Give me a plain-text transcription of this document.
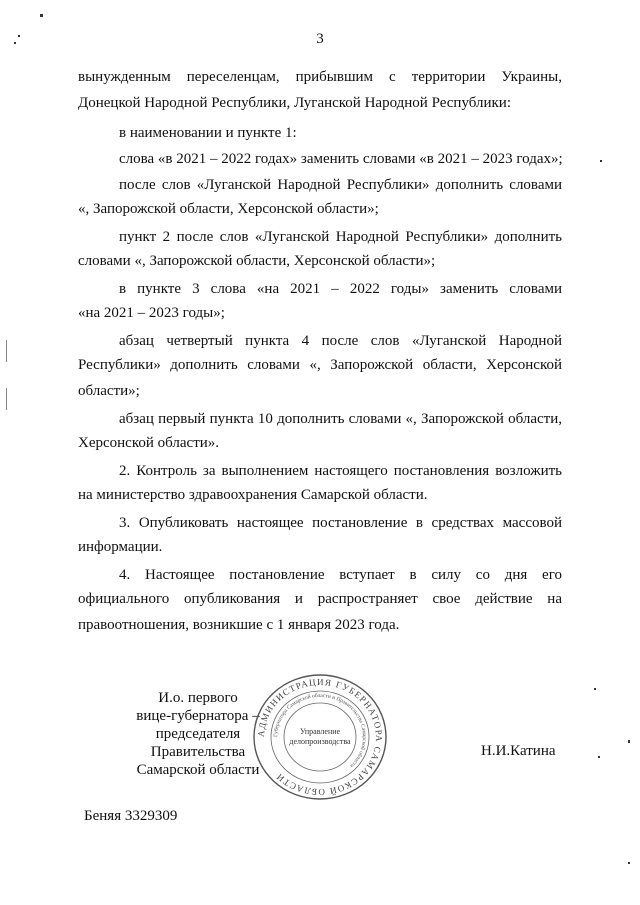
3
вынужденным переселенцам, прибывшим с территории Украины,
Донецкой Народной Республики, Луганской Народной Республики:
в наименовании и пункте 1:
слова «в 2021 – 2022 годах» заменить словами «в 2021 – 2023 годах»;
после слов «Луганской Народной Республики» дополнить словами
«, Запорожской области, Херсонской области»;
пункт 2 после слов «Луганской Народной Республики» дополнить
словами «, Запорожской области, Херсонской области»;
в пункте 3 слова «на 2021 – 2022 годы» заменить словами
«на 2021 – 2023 годы»;
абзац четвертый пункта 4 после слов «Луганской Народной
Республики» дополнить словами «, Запорожской области, Херсонской
области»;
абзац первый пункта 10 дополнить словами «, Запорожской области,
Херсонской области».
2. Контроль за выполнением настоящего постановления возложить
на министерство здравоохранения Самарской области.
3. Опубликовать настоящее постановление в средствах массовой
информации.
4. Настоящее постановление вступает в силу со дня его
официального опубликования и распространяет свое действие на
правоотношения, возникшие с 1 января 2023 года.
И.о. первого
вице-губернатора –
председателя Правительства
Самарской области
АДМИНИСТРАЦИЯ ГУБЕРНАТОРА САМАРСКОЙ ОБЛАСТИ
Губернатора Самарской области и Правительства Самарской области
Управление
делопроизводства
Н.И.Катина
Беняя 3329309
